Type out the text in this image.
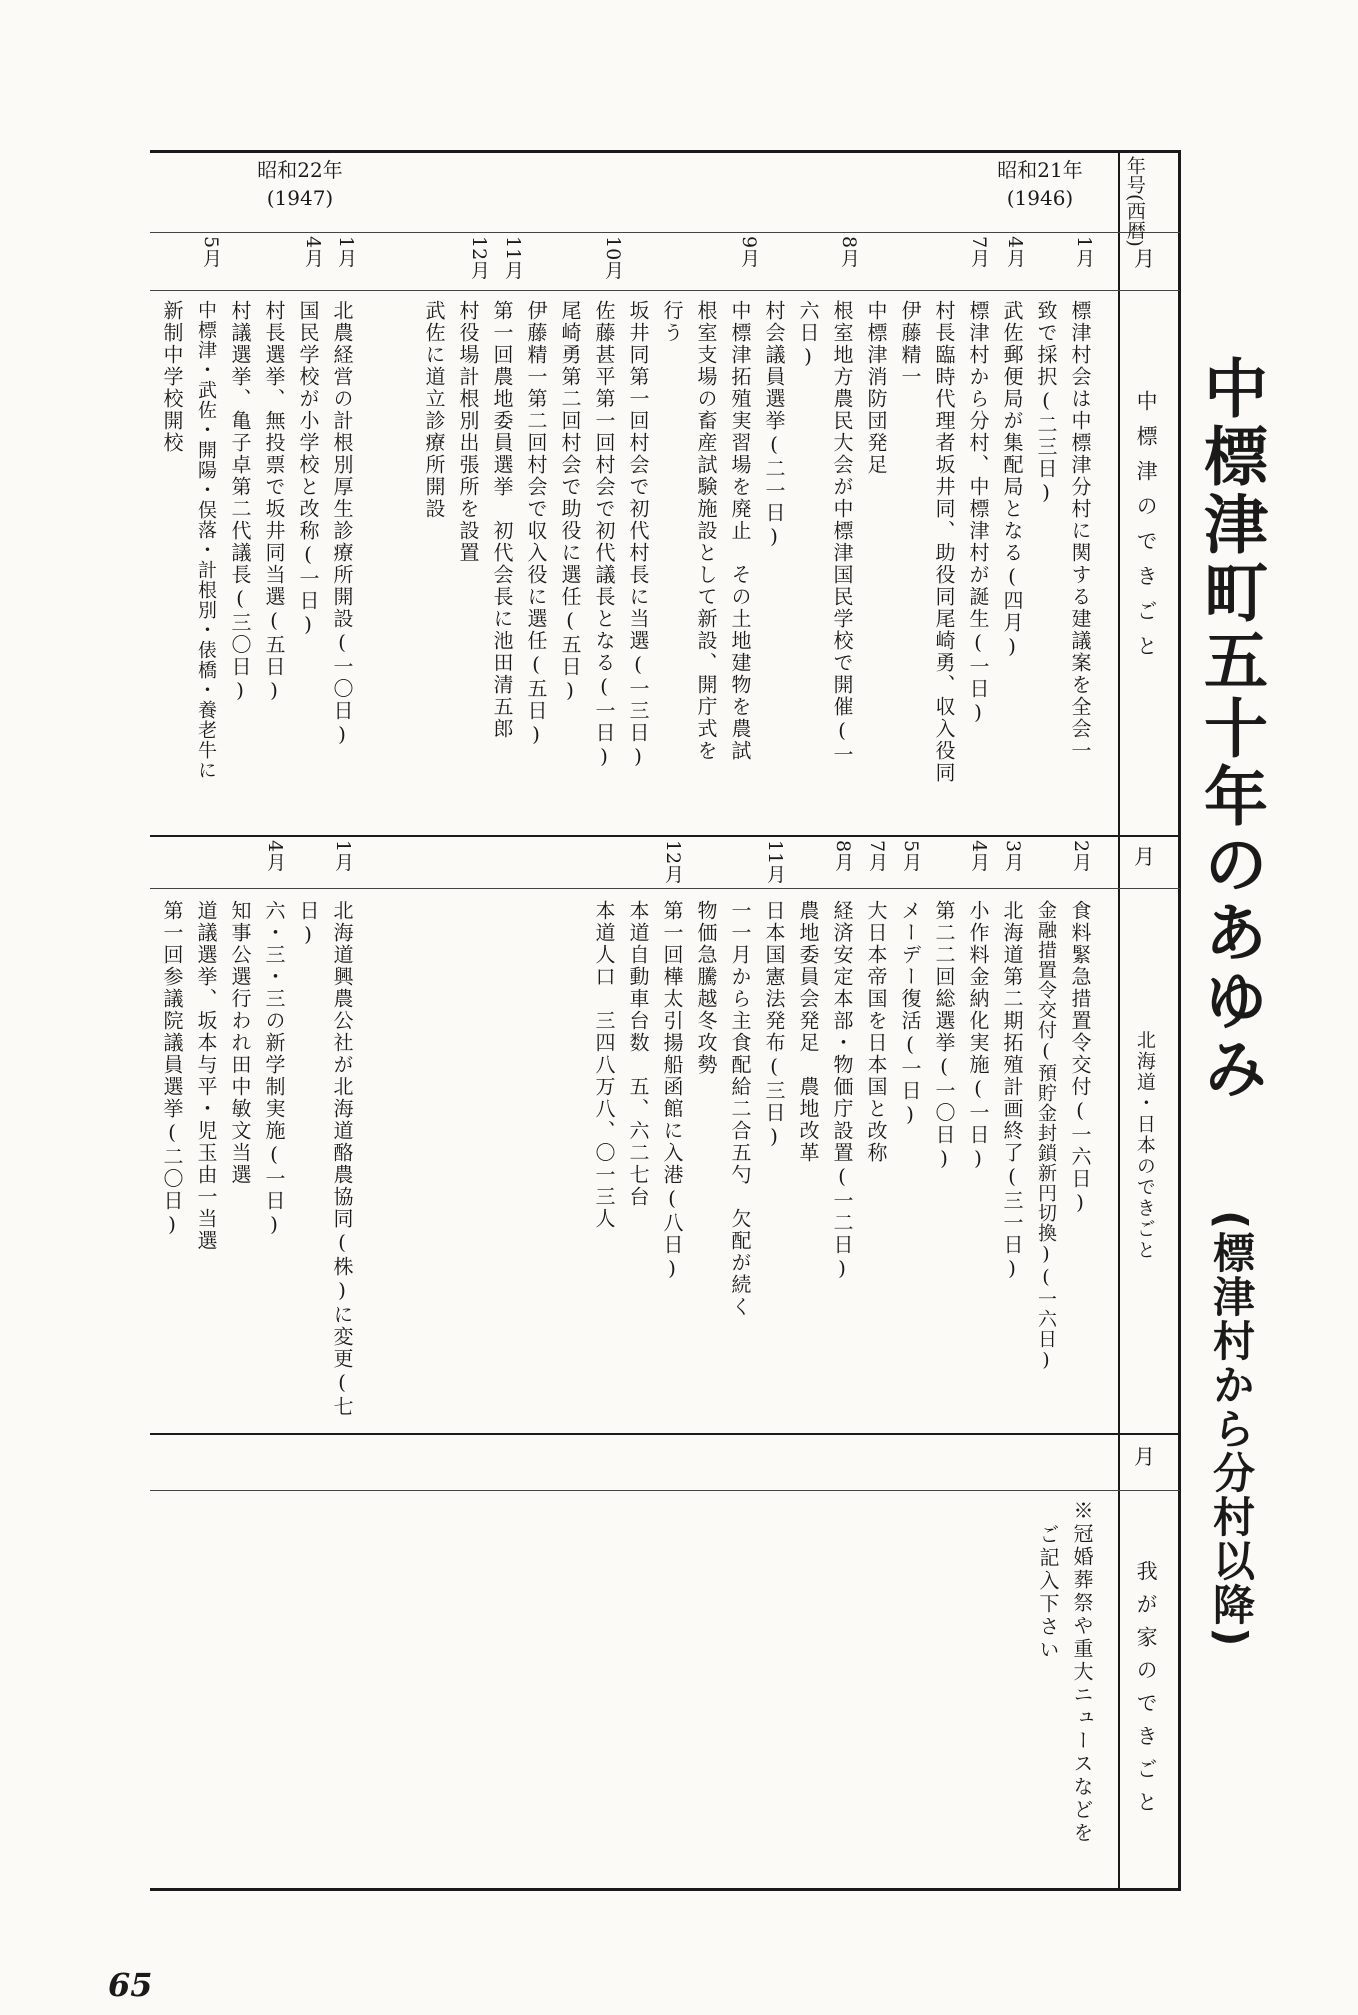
中標津町五十年のあゆみ
(標津村から分村以降)
年号(西暦)
月
中標津のできごと
月
北海道・日本のできごと
月
我が家のできごと
昭和21年
(1946)
昭和22年
(1947)
1月
4月
7月
8月
9月
10月
11月
12月
1月
4月
5月
標津村会は中標津分村に関する建議案を全会一
致で採択(二三日)
武佐郵便局が集配局となる(四月)
標津村から分村、中標津村が誕生(一日)
村長臨時代理者坂井同、助役同尾崎勇、収入役同
伊藤精一
中標津消防団発足
根室地方農民大会が中標津国民学校で開催(一
六日)
村会議員選挙(二一日)
中標津拓殖実習場を廃止　その土地建物を農試
根室支場の畜産試験施設として新設、開庁式を
行う
坂井同第一回村会で初代村長に当選(一三日)
佐藤甚平第一回村会で初代議長となる(一日)
尾崎勇第二回村会で助役に選任(五日)
伊藤精一第二回村会で収入役に選任(五日)
第一回農地委員選挙　初代会長に池田清五郎
村役場計根別出張所を設置
武佐に道立診療所開設
北農経営の計根別厚生診療所開設(一〇日)
国民学校が小学校と改称(一日)
村長選挙、無投票で坂井同当選(五日)
村議選挙、亀子卓第二代議長(三〇日)
中標津・武佐・開陽・俣落・計根別・俵橋・養老牛に
新制中学校開校
2月
3月
4月
5月
7月
8月
11月
12月
1月
4月
食料緊急措置令交付(一六日)
金融措置令交付(預貯金封鎖新円切換)(一六日)
北海道第二期拓殖計画終了(三一日)
小作料金納化実施(一日)
第二二回総選挙(一〇日)
メーデー復活(一日)
大日本帝国を日本国と改称
経済安定本部・物価庁設置(一二日)
農地委員会発足　農地改革
日本国憲法発布(三日)
一一月から主食配給二合五勺　欠配が続く
物価急騰越冬攻勢
第一回樺太引揚船函館に入港(八日)
本道自動車台数　五、六二七台
本道人口　三四八万八、〇一三人
北海道興農公社が北海道酪農協同(株)に変更(七
日)
六・三・三の新学制実施(一日)
知事公選行われ田中敏文当選
道議選挙、坂本与平・児玉由一当選
第一回参議院議員選挙(二〇日)
※冠婚葬祭や重大ニュースなどを
ご記入下さい
65
